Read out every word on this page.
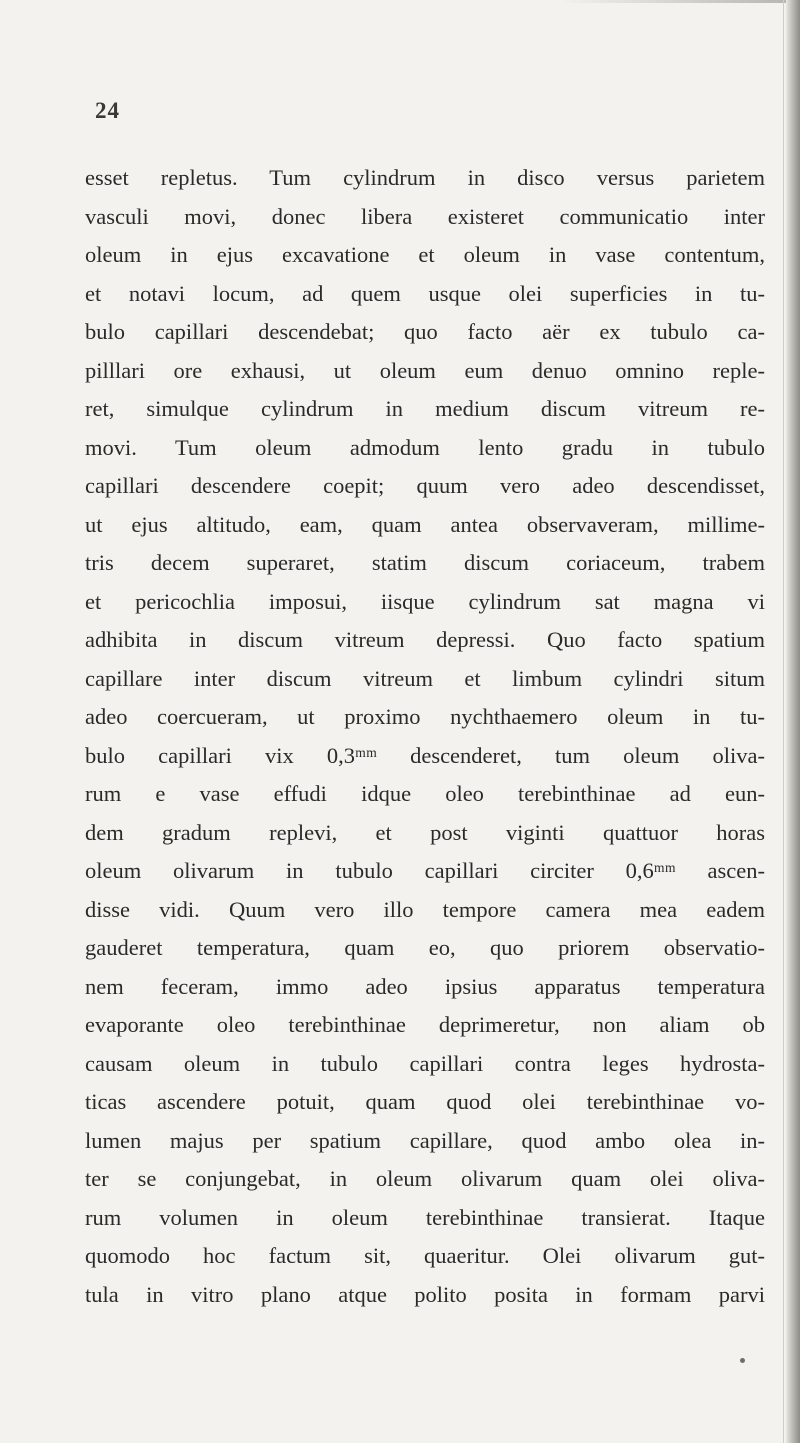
24
esset repletus. Tum cylindrum in disco versus parietem
vasculi movi, donec libera existeret communicatio inter
oleum in ejus excavatione et oleum in vase contentum,
et notavi locum, ad quem usque olei superficies in tu-
bulo capillari descendebat; quo facto aër ex tubulo ca-
pilllari ore exhausi, ut oleum eum denuo omnino reple-
ret, simulque cylindrum in medium discum vitreum re-
movi. Tum oleum admodum lento gradu in tubulo
capillari descendere coepit; quum vero adeo descendisset,
ut ejus altitudo, eam, quam antea observaveram, millime-
tris decem superaret, statim discum coriaceum, trabem
et pericochlia imposui, iisque cylindrum sat magna vi
adhibita in discum vitreum depressi. Quo facto spatium
capillare inter discum vitreum et limbum cylindri situm
adeo coercueram, ut proximo nychthaemero oleum in tu-
bulo capillari vix 0,3ᵐᵐ descenderet, tum oleum oliva-
rum e vase effudi idque oleo terebinthinae ad eun-
dem gradum replevi, et post viginti quattuor horas
oleum olivarum in tubulo capillari circiter 0,6ᵐᵐ ascen-
disse vidi. Quum vero illo tempore camera mea eadem
gauderet temperatura, quam eo, quo priorem observatio-
nem feceram, immo adeo ipsius apparatus temperatura
evaporante oleo terebinthinae deprimeretur, non aliam ob
causam oleum in tubulo capillari contra leges hydrosta-
ticas ascendere potuit, quam quod olei terebinthinae vo-
lumen majus per spatium capillare, quod ambo olea in-
ter se conjungebat, in oleum olivarum quam olei oliva-
rum volumen in oleum terebinthinae transierat. Itaque
quomodo hoc factum sit, quaeritur. Olei olivarum gut-
tula in vitro plano atque polito posita in formam parvi
